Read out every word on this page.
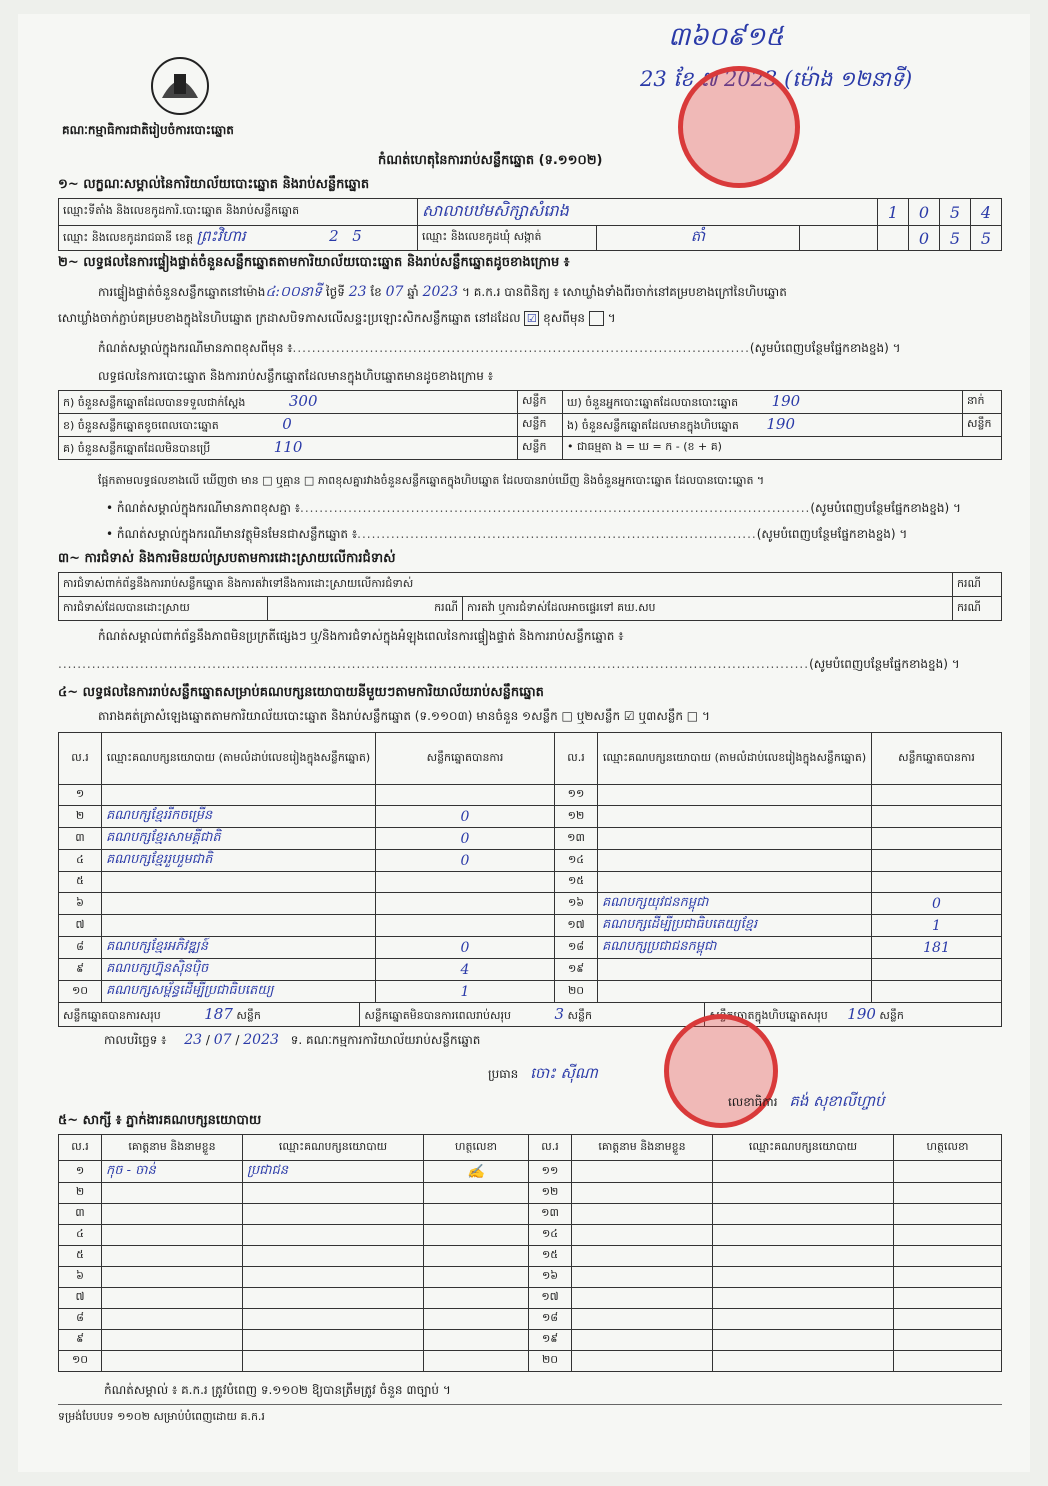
គណៈកម្មាធិការជាតិរៀបចំការបោះឆ្នោត
៣៦០៩១៥
23 ខែ ៧ 2023 (ម៉ោង ១២នាទី)
កំណត់ហេតុនៃការរាប់សន្លឹកឆ្នោត (ទ.១១០២)
១~ លក្ខណៈសម្គាល់នៃការិយាល័យបោះឆ្នោត និងរាប់សន្លឹកឆ្នោត
ឈ្មោះទីតាំង និងលេខកូដការិ.បោះឆ្នោត និងរាប់សន្លឹកឆ្នោត	សាលាបឋមសិក្សាសំរោង			1	0	5	4
ឈ្មោះ និងលេខកូដរាជធានី ខេត្ត ព្រះវិហារ 2 5	ឈ្មោះ និងលេខកូដឃុំ សង្កាត់	តាំ			0	5	5
២~ លទ្ធផលនៃការផ្ទៀងផ្ទាត់ចំនួនសន្លឹកឆ្នោតតាមការិយាល័យបោះឆ្នោត និងរាប់សន្លឹកឆ្នោតដូចខាងក្រោម ៖
ការផ្ទៀងផ្ទាត់ចំនួនសន្លឹកឆ្នោតនៅម៉ោង៤:០០នាទី ថ្ងៃទី 23 ខែ 07 ឆ្នាំ 2023 ។ គ.ក.រ បានពិនិត្យ ៖ សោឃ្លាំងទាំងពីរចាក់នៅគម្របខាងក្រៅនៃហិបឆ្នោត
សោឃ្លាំងចាក់ភ្ជាប់គម្របខាងក្នុងនៃហិបឆ្នោត ក្រដាសបិទភាសលើសន្ទះប្រឡោះសិកសន្លឹកឆ្នោត នៅដដែល ☑ ខុសពីមុន ។
កំណត់សម្គាល់ក្នុងករណីមានភាពខុសពីមុន ៖...............................................................................................(សូមបំពេញបន្ថែមផ្នែកខាងខ្នង) ។
លទ្ធផលនៃការបោះឆ្នោត និងការរាប់សន្លឹកឆ្នោតដែលមានក្នុងហិបឆ្នោតមានដូចខាងក្រោម ៖
ក) ចំនួនសន្លឹកឆ្នោតដែលបានទទួលជាក់ស្តែង 300	សន្លឹក	ឃ) ចំនួនអ្នកបោះឆ្នោតដែលបានបោះឆ្នោត 190	នាក់
ខ) ចំនួនសន្លឹកឆ្នោតខូចពេលបោះឆ្នោត 0	សន្លឹក	ង) ចំនួនសន្លឹកឆ្នោតដែលមានក្នុងហិបឆ្នោត 190	សន្លឹក
គ) ចំនួនសន្លឹកឆ្នោតដែលមិនបានប្រើ 110	សន្លឹក	• ជាធម្មតា ង = ឃ = ក - (ខ + គ)	
ផ្អែកតាមលទ្ធផលខាងលើ ឃើញថា មាន □ ឬគ្មាន □ ភាពខុសគ្នារវាងចំនួនសន្លឹកឆ្នោតក្នុងហិបឆ្នោត ដែលបានរាប់ឃើញ និងចំនួនអ្នកបោះឆ្នោត ដែលបានបោះឆ្នោត ។
• កំណត់សម្គាល់ក្នុងករណីមានភាពខុសគ្នា ៖..........................................................................................................(សូមបំពេញបន្ថែមផ្នែកខាងខ្នង) ។
• កំណត់សម្គាល់ក្នុងករណីមានវត្ថុមិនមែនជាសន្លឹកឆ្នោត ៖...................................................................................(សូមបំពេញបន្ថែមផ្នែកខាងខ្នង) ។
៣~ ការជំទាស់ និងការមិនយល់ស្របតាមការដោះស្រាយលើការជំទាស់
ការជំទាស់ពាក់ព័ន្ធនឹងការរាប់សន្លឹកឆ្នោត និងការតវ៉ាទៅនឹងការដោះស្រាយលើការជំទាស់			ករណី
ការជំទាស់ដែលបានដោះស្រាយ	ករណី	ការតវ៉ា ឬការជំទាស់ដែលអាចផ្ទេរទៅ គឃ.សប	ករណី
កំណត់សម្គាល់ពាក់ព័ន្ធនឹងភាពមិនប្រក្រតីផ្សេងៗ ឬ/និងការជំទាស់ក្នុងអំឡុងពេលនៃការផ្ទៀងផ្ទាត់ និងការរាប់សន្លឹកឆ្នោត ៖
............................................................................................................................................................(សូមបំពេញបន្ថែមផ្នែកខាងខ្នង) ។
៤~ លទ្ធផលនៃការរាប់សន្លឹកឆ្នោតសម្រាប់គណបក្សនយោបាយនីមួយៗតាមការិយាល័យរាប់សន្លឹកឆ្នោត
តារាងគត់ត្រាសំឡេងឆ្នោតតាមការិយាល័យបោះឆ្នោត និងរាប់សន្លឹកឆ្នោត (ទ.១១០៣) មានចំនួន ១សន្លឹក □ ឬ២សន្លឹក ☑ ឬ៣សន្លឹក □ ។
ល.រ	ឈ្មោះគណបក្សនយោបាយ (តាមលំដាប់លេខរៀងក្នុងសន្លឹកឆ្នោត)	សន្លឹកឆ្នោតបានការ	ល.រ	ឈ្មោះគណបក្សនយោបាយ (តាមលំដាប់លេខរៀងក្នុងសន្លឹកឆ្នោត)	សន្លឹកឆ្នោតបានការ
១			១១		
២	គណបក្សខ្មែររីកចម្រើន	0	១២		
៣	គណបក្សខ្មែរសាមគ្គីជាតិ	0	១៣		
៤	គណបក្សខ្មែររួបរួមជាតិ	0	១៤		
៥			១៥		
៦			១៦	គណបក្សយុវជនកម្ពុជា	0
៧			១៧	គណបក្សដើម្បីប្រជាធិបតេយ្យខ្មែរ	1
៨	គណបក្សខ្មែរអភិវឌ្ឍន៍	0	១៨	គណបក្សប្រជាជនកម្ពុជា	181
៩	គណបក្សហ្វ៊ុនស៊ិនប៉ិច	4	១៩		
១០	គណបក្សសម្ព័ន្ធដើម្បីប្រជាធិបតេយ្យ	1	២០		
សន្លឹកឆ្នោតបានការសរុប	187 សន្លឹក	សន្លឹកឆ្នោតមិនបានការពេលរាប់សរុប	3 សន្លឹក	សន្លឹកឆ្នោតក្នុងហិបឆ្នោតសរុប 190 សន្លឹក
កាលបរិច្ឆេទ ៖ 23 / 07 / 2023 ទ. គណៈកម្មការការិយាល័យរាប់សន្លឹកឆ្នោត
ប្រធាន ចោះ ស៊ីណា
លេខាធិការ គង់ សុខាលីហ្ចាប់
៥~ សាក្សី ៖ ភ្នាក់ងារគណបក្សនយោបាយ
ល.រ	គោត្តនាម និងនាមខ្លួន	ឈ្មោះគណបក្សនយោបាយ	ហត្ថលេខា	ល.រ	គោត្តនាម និងនាមខ្លួន	ឈ្មោះគណបក្សនយោបាយ	ហត្ថលេខា
១	កុច - ចាន់	ប្រជាជន	✍	១១			
២				១២			
៣				១៣			
៤				១៤			
៥				១៥			
៦				១៦			
៧				១៧			
៨				១៨			
៩				១៩			
១០				២០			
កំណត់សម្គាល់ ៖ គ.ក.រ ត្រូវបំពេញ ទ.១១០២ ឱ្យបានត្រឹមត្រូវ ចំនួន ៣ច្បាប់ ។
ទម្រង់បែបបទ ១១០២ សម្រាប់បំពេញដោយ គ.ក.រ
